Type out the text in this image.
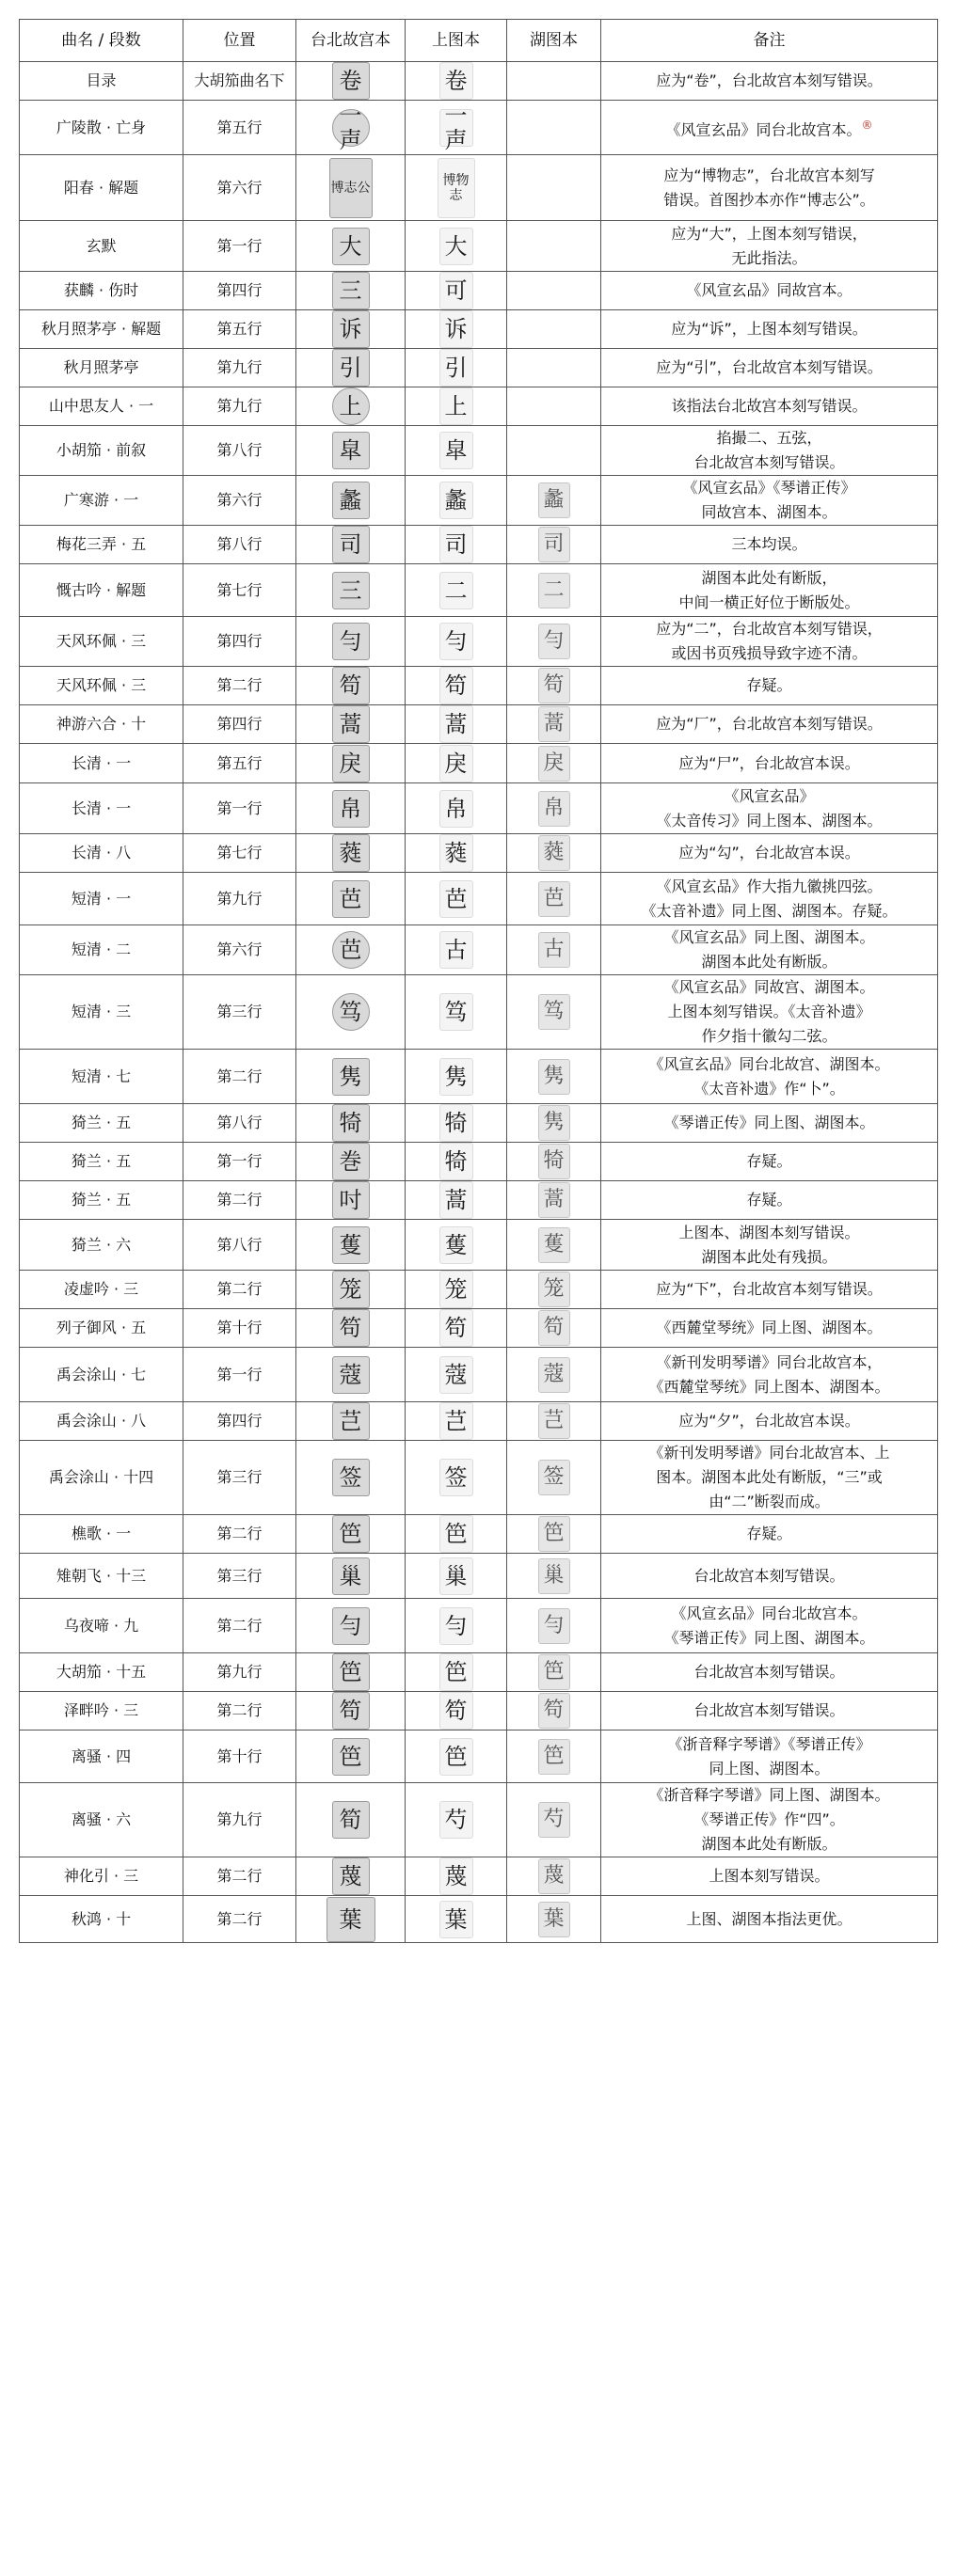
曲名 / 段数	位置	台北故宫本	上图本	湖图本	备注
目录	大胡笳曲名下	卷	卷		应为“卷”，台北故宫本刻写错误。

广陵散 · 亡身	第五行	一声	一声		《风宣玄品》同台北故宫本。®

阳春 · 解题	第六行	博志公	博物志		应为“博物志”，台北故宫本刻写
错误。首图抄本亦作“博志公”。

玄默	第一行	大	大		应为“大”，上图本刻写错误，
无此指法。

获麟 · 伤时	第四行	三	可		《风宣玄品》同故宫本。

秋月照茅亭 · 解题	第五行	诉	诉		应为“诉”，上图本刻写错误。

秋月照茅亭	第九行	引	引		应为“引”，台北故宫本刻写错误。

山中思友人 · 一	第九行	上	上		该指法台北故宫本刻写错误。

小胡笳 · 前叙	第八行	皐	皐		掐撮二、五弦，
台北故宫本刻写错误。

广寒游 · 一	第六行	蠡	蠡	蠡	《风宣玄品》《琴谱正传》
同故宫本、湖图本。

梅花三弄 · 五	第八行	司	司	司	三本均误。

慨古吟 · 解题	第七行	三	二	二	湖图本此处有断版，
中间一横正好位于断版处。

天风环佩 · 三	第四行	勻	勻	勻	应为“二”，台北故宫本刻写错误，
或因书页残损导致字迹不清。

天风环佩 · 三	第二行	笱	笱	笱	存疑。

神游六合 · 十	第四行	蒿	蒿	蒿	应为“厂”，台北故宫本刻写错误。

长清 · 一	第五行	戾	戾	戾	应为“尸”，台北故宫本误。

长清 · 一	第一行	帛	帛	帛	《风宣玄品》
《太音传习》同上图本、湖图本。

长清 · 八	第七行	蕤	蕤	蕤	应为“勾”，台北故宫本误。

短清 · 一	第九行	芭	芭	芭	《风宣玄品》作大指九徽挑四弦。
《太音补遗》同上图、湖图本。存疑。

短清 · 二	第六行	芭	古	古	《风宣玄品》同上图、湖图本。
湖图本此处有断版。

短清 · 三	第三行	笃	笃	笃	《风宣玄品》同故宫、湖图本。
上图本刻写错误。《太音补遗》
作夕指十徽勾二弦。

短清 · 七	第二行	隽	隽	隽	《风宣玄品》同台北故宫、湖图本。
《太音补遗》作“卜”。

猗兰 · 五	第八行	犄	犄	隽	《琴谱正传》同上图、湖图本。

猗兰 · 五	第一行	巻	犄	犄	存疑。

猗兰 · 五	第二行	吋	蒿	蒿	存疑。

猗兰 · 六	第八行	蒦	蒦	蒦	上图本、湖图本刻写错误。
湖图本此处有残损。

凌虚吟 · 三	第二行	笼	笼	笼	应为“下”，台北故宫本刻写错误。

列子御风 · 五	第十行	笱	笱	笱	《西麓堂琴统》同上图、湖图本。

禹会涂山 · 七	第一行	蔻	蔻	蔻	《新刊发明琴谱》同台北故宫本，
《西麓堂琴统》同上图本、湖图本。

禹会涂山 · 八	第四行	芑	芑	芑	应为“夕”，台北故宫本误。

禹会涂山 · 十四	第三行	签	签	签	《新刊发明琴谱》同台北故宫本、上
图本。湖图本此处有断版，“三”或
由“二”断裂而成。

樵歌 · 一	第二行	笆	笆	笆	存疑。

雉朝飞 · 十三	第三行	巢	巢	巢	台北故宫本刻写错误。

乌夜啼 · 九	第二行	勻	勻	勻	《风宣玄品》同台北故宫本。
《琴谱正传》同上图、湖图本。

大胡笳 · 十五	第九行	笆	笆	笆	台北故宫本刻写错误。

泽畔吟 · 三	第二行	笱	笱	笱	台北故宫本刻写错误。

离骚 · 四	第十行	笆	笆	笆	《浙音释字琴谱》《琴谱正传》
同上图、湖图本。

离骚 · 六	第九行	筍	芍	芍	《浙音释字琴谱》同上图、湖图本。
《琴谱正传》作“四”。
湖图本此处有断版。

神化引 · 三	第二行	蔑	蔑	蔑	上图本刻写错误。

秋鸿 · 十	第二行	葉	葉	葉	上图、湖图本指法更优。
